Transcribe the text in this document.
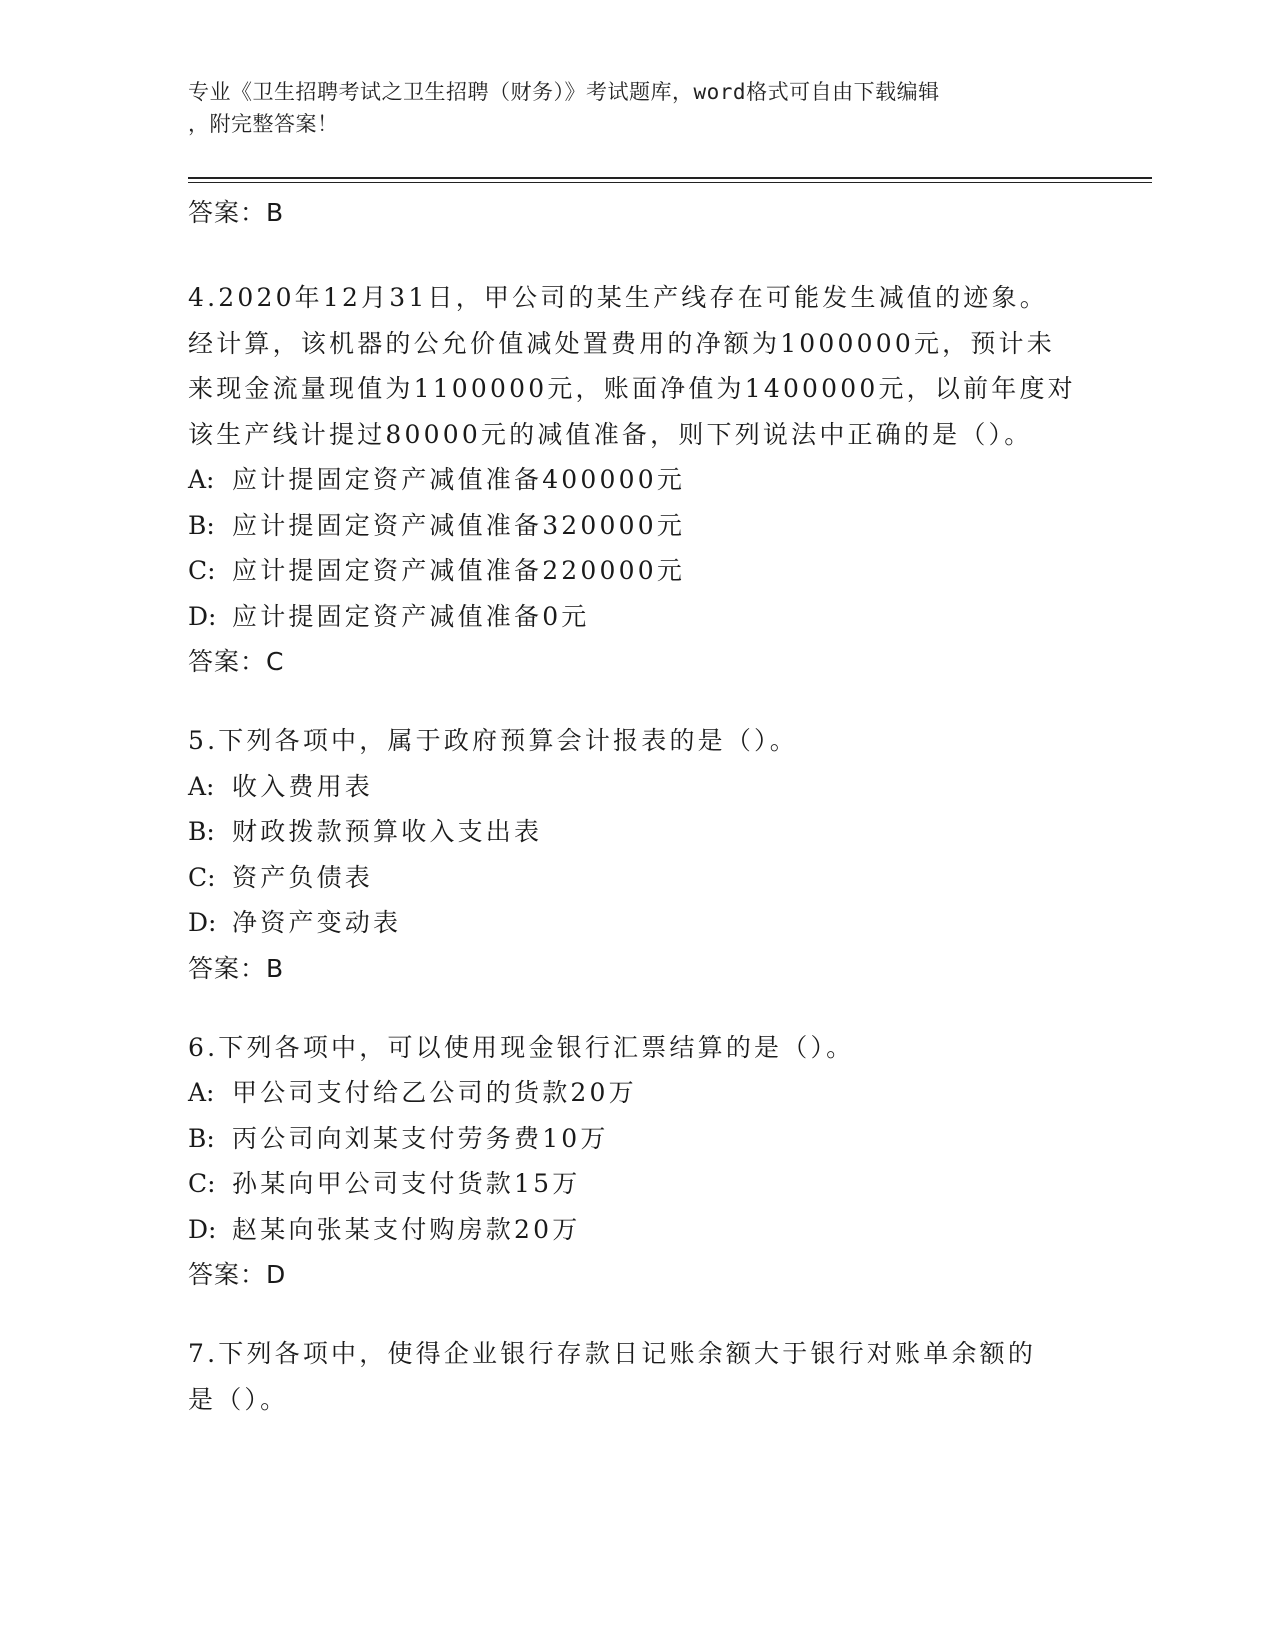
专业《卫生招聘考试之卫生招聘（财务）》考试题库，word格式可自由下载编辑
，附完整答案！
答案：B
4.2020年12月31日，甲公司的某生产线存在可能发生减值的迹象。
经计算，该机器的公允价值减处置费用的净额为1000000元，预计未
来现金流量现值为1100000元，账面净值为1400000元，以前年度对
该生产线计提过80000元的减值准备，则下列说法中正确的是（）。
A: 应计提固定资产减值准备400000元
B: 应计提固定资产减值准备320000元
C: 应计提固定资产减值准备220000元
D: 应计提固定资产减值准备0元
答案：C
5.下列各项中，属于政府预算会计报表的是（）。
A: 收入费用表
B: 财政拨款预算收入支出表
C: 资产负债表
D: 净资产变动表
答案：B
6.下列各项中，可以使用现金银行汇票结算的是（）。
A: 甲公司支付给乙公司的货款20万
B: 丙公司向刘某支付劳务费10万
C: 孙某向甲公司支付货款15万
D: 赵某向张某支付购房款20万
答案：D
7.下列各项中，使得企业银行存款日记账余额大于银行对账单余额的
是（）。
